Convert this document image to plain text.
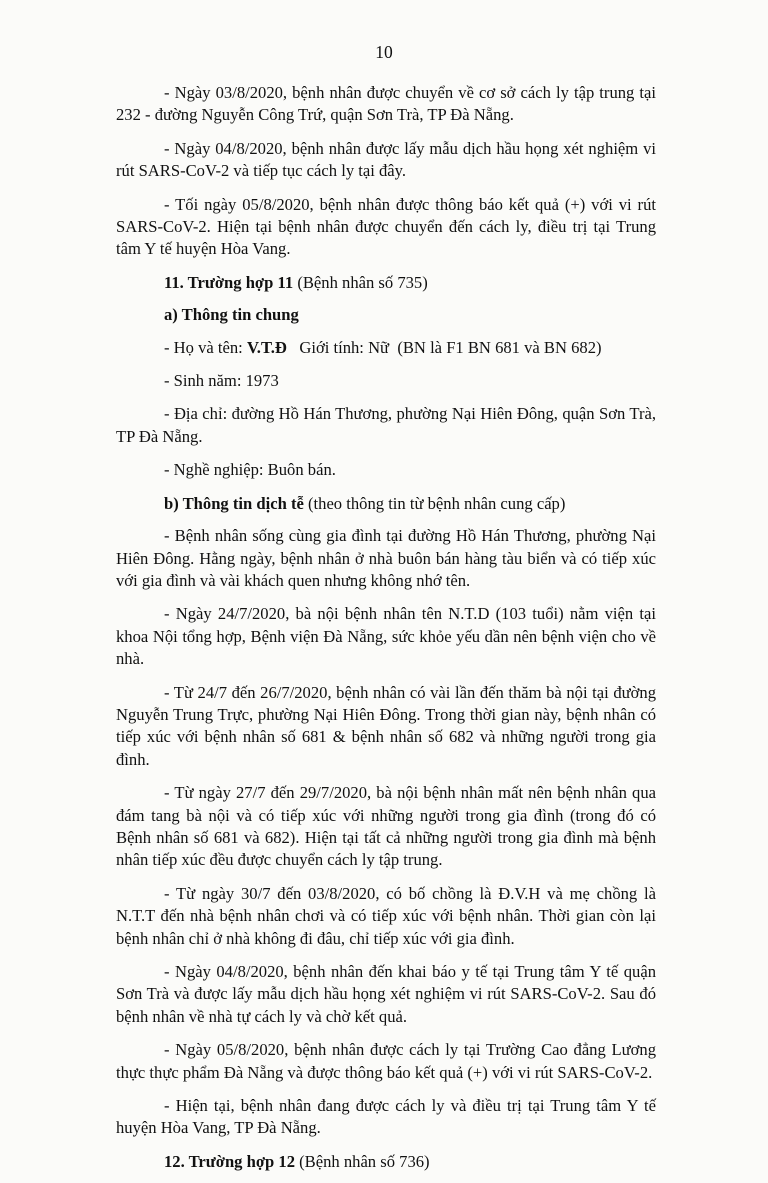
10

- Ngày 03/8/2020, bệnh nhân được chuyển về cơ sở cách ly tập trung tại 232 - đường Nguyễn Công Trứ, quận Sơn Trà, TP Đà Nẵng.

- Ngày 04/8/2020, bệnh nhân được lấy mẫu dịch hầu họng xét nghiệm vi rút SARS-CoV-2 và tiếp tục cách ly tại đây.

- Tối ngày 05/8/2020, bệnh nhân được thông báo kết quả (+) với vi rút SARS-CoV-2. Hiện tại bệnh nhân được chuyển đến cách ly, điều trị tại Trung tâm Y tế huyện Hòa Vang.

11. Trường hợp 11 (Bệnh nhân số 735)

a) Thông tin chung

- Họ và tên: V.T.Đ   Giới tính: Nữ  (BN là F1 BN 681 và BN 682)

- Sinh năm: 1973

- Địa chỉ: đường Hồ Hán Thương, phường Nại Hiên Đông, quận Sơn Trà, TP Đà Nẵng.

- Nghề nghiệp: Buôn bán.

b) Thông tin dịch tễ (theo thông tin từ bệnh nhân cung cấp)

- Bệnh nhân sống cùng gia đình tại đường Hồ Hán Thương, phường Nại Hiên Đông. Hằng ngày, bệnh nhân ở nhà buôn bán hàng tàu biển và có tiếp xúc với gia đình và vài khách quen nhưng không nhớ tên.

- Ngày 24/7/2020, bà nội bệnh nhân tên N.T.D (103 tuổi) nằm viện tại khoa Nội tổng hợp, Bệnh viện Đà Nẵng, sức khỏe yếu dần nên bệnh viện cho về nhà.

- Từ 24/7 đến 26/7/2020, bệnh nhân có vài lần đến thăm bà nội tại đường Nguyễn Trung Trực, phường Nại Hiên Đông. Trong thời gian này, bệnh nhân có tiếp xúc với bệnh nhân số 681 & bệnh nhân số 682 và những người trong gia đình.

- Từ ngày 27/7 đến 29/7/2020, bà nội bệnh nhân mất nên bệnh nhân qua đám tang bà nội và có tiếp xúc với những người trong gia đình (trong đó có Bệnh nhân số 681 và 682). Hiện tại tất cả những người trong gia đình mà bệnh nhân tiếp xúc đều được chuyển cách ly tập trung.

- Từ ngày 30/7 đến 03/8/2020, có bố chồng là Đ.V.H và mẹ chồng là N.T.T đến nhà bệnh nhân chơi và có tiếp xúc với bệnh nhân. Thời gian còn lại bệnh nhân chỉ ở nhà không đi đâu, chỉ tiếp xúc với gia đình.

- Ngày 04/8/2020, bệnh nhân đến khai báo y tế tại Trung tâm Y tế quận Sơn Trà và được lấy mẫu dịch hầu họng xét nghiệm vi rút SARS-CoV-2. Sau đó bệnh nhân về nhà tự cách ly và chờ kết quả.

- Ngày 05/8/2020, bệnh nhân được cách ly tại Trường Cao đẳng Lương thực thực phẩm Đà Nẵng và được thông báo kết quả (+) với vi rút SARS-CoV-2.

- Hiện tại, bệnh nhân đang được cách ly và điều trị tại Trung tâm Y tế huyện Hòa Vang, TP Đà Nẵng.

12. Trường hợp 12 (Bệnh nhân số 736)
